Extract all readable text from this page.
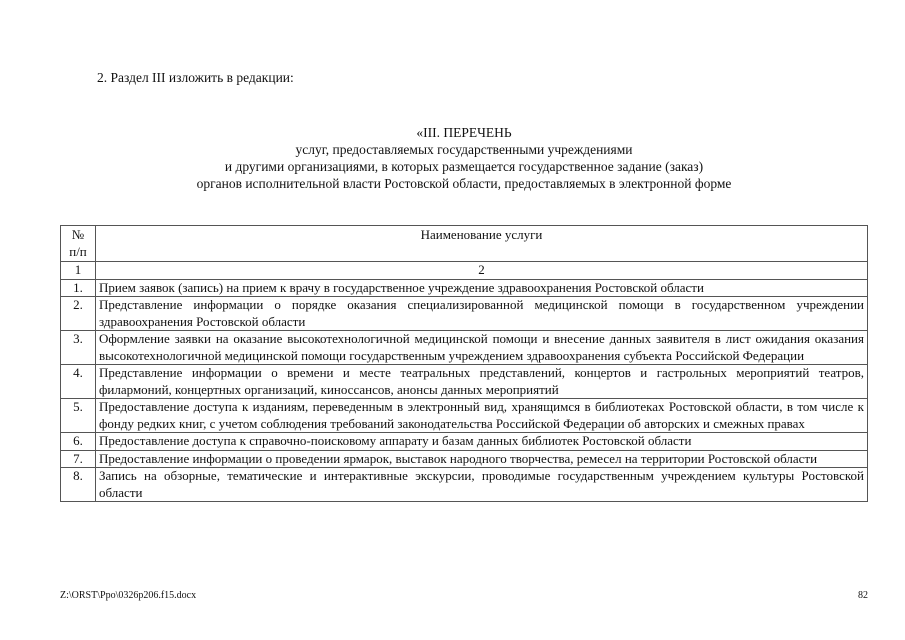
2. Раздел III изложить в редакции:
«III. ПЕРЕЧЕНЬ
услуг, предоставляемых государственными учреждениями
и другими организациями, в которых размещается государственное задание (заказ)
органов исполнительной власти Ростовской области, предоставляемых в электронной форме
№
п/п	Наименование услуги
1	2
1.	Прием заявок (запись) на прием к врачу в государственное учреждение здравоохранения Ростовской области
2.	Представление информации о порядке оказания специализированной медицинской помощи в государственном учреждении здравоохранения Ростовской области
3.	Оформление заявки на оказание высокотехнологичной медицинской помощи и внесение данных заявителя в лист ожидания оказания высокотехнологичной медицинской помощи государственным учреждением здравоохранения субъекта Российской Федерации
4.	Представление информации о времени и месте театральных представлений, концертов и гастрольных мероприятий театров, филармоний, концертных организаций, киноссансов, анонсы данных мероприятий
5.	Предоставление доступа к изданиям, переведенным в электронный вид, хранящимся в библиотеках Ростовской области, в том числе к фонду редких книг, с учетом соблюдения требований законодательства Российской Федерации об авторских и смежных правах
6.	Предоставление доступа к справочно-поисковому аппарату и базам данных библиотек Ростовской области
7.	Предоставление информации о проведении ярмарок, выставок народного творчества, ремесел на территории Ростовской области
8.	Запись на обзорные, тематические и интерактивные экскурсии, проводимые государственным учреждением культуры Ростовской области
Z:\ORST\Ppo\0326p206.f15.docx	82
